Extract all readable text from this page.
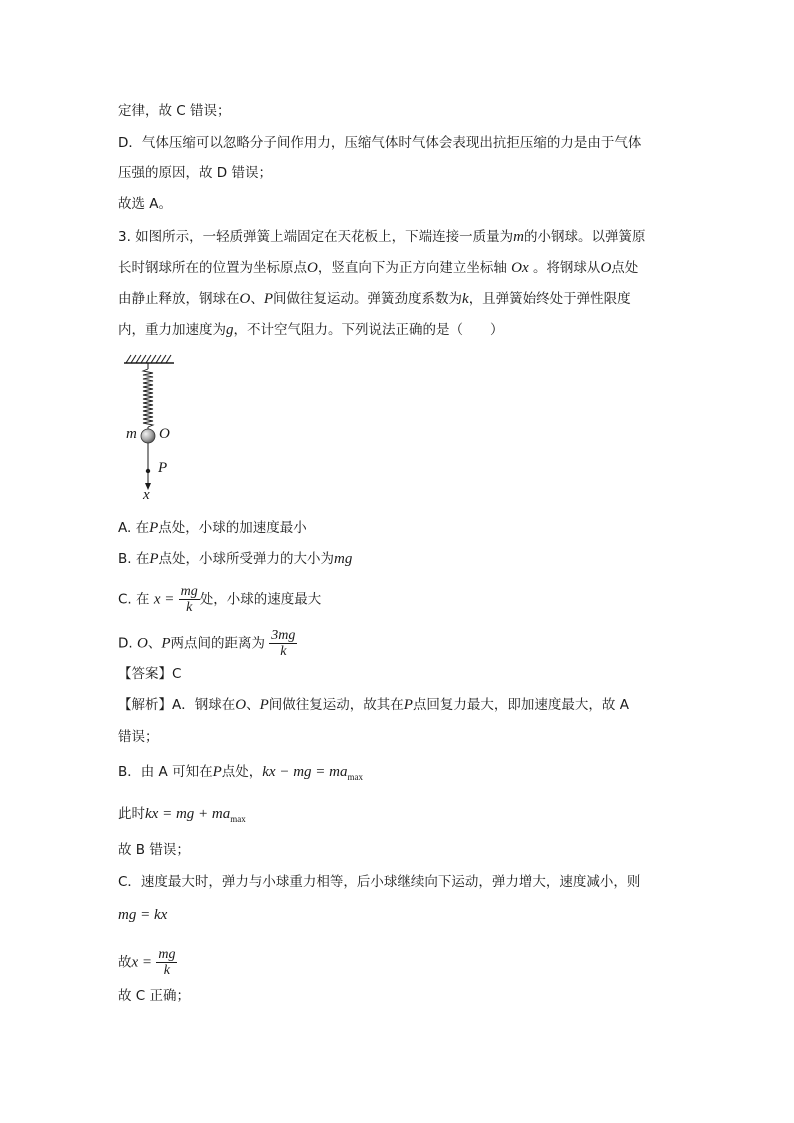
定律，故 C 错误；
D．气体压缩可以忽略分子间作用力，压缩气体时气体会表现出抗拒压缩的力是由于气体
压强的原因，故 D 错误；
故选 A。
3. 如图所示，一轻质弹簧上端固定在天花板上，下端连接一质量为m的小钢球。以弹簧原
长时钢球所在的位置为坐标原点O，竖直向下为正方向建立坐标轴 Ox 。将钢球从O点处
由静止释放，钢球在O、P间做往复运动。弹簧劲度系数为k，且弹簧始终处于弹性限度
内，重力加速度为g，不计空气阻力。下列说法正确的是（　　）
m O
P
x
A. 在P点处，小球的加速度最小
B. 在P点处，小球所受弹力的大小为mg
C. 在 $x = \frac{mg}{k}$ 处，小球的速度最大
D. O、P两点间的距离为 $\frac{3mg}{k}$
【答案】C
【解析】A．钢球在O、P间做往复运动，故其在P点回复力最大，即加速度最大，故 A
错误；
B．由 A 可知在P点处，kx − mg = $ma_{max}$
此时kx = mg + $ma_{max}$
故 B 错误；
C．速度最大时，弹力与小球重力相等，后小球继续向下运动，弹力增大，速度减小，则
mg = kx
故$x = \frac{mg}{k}$
故 C 正确；
